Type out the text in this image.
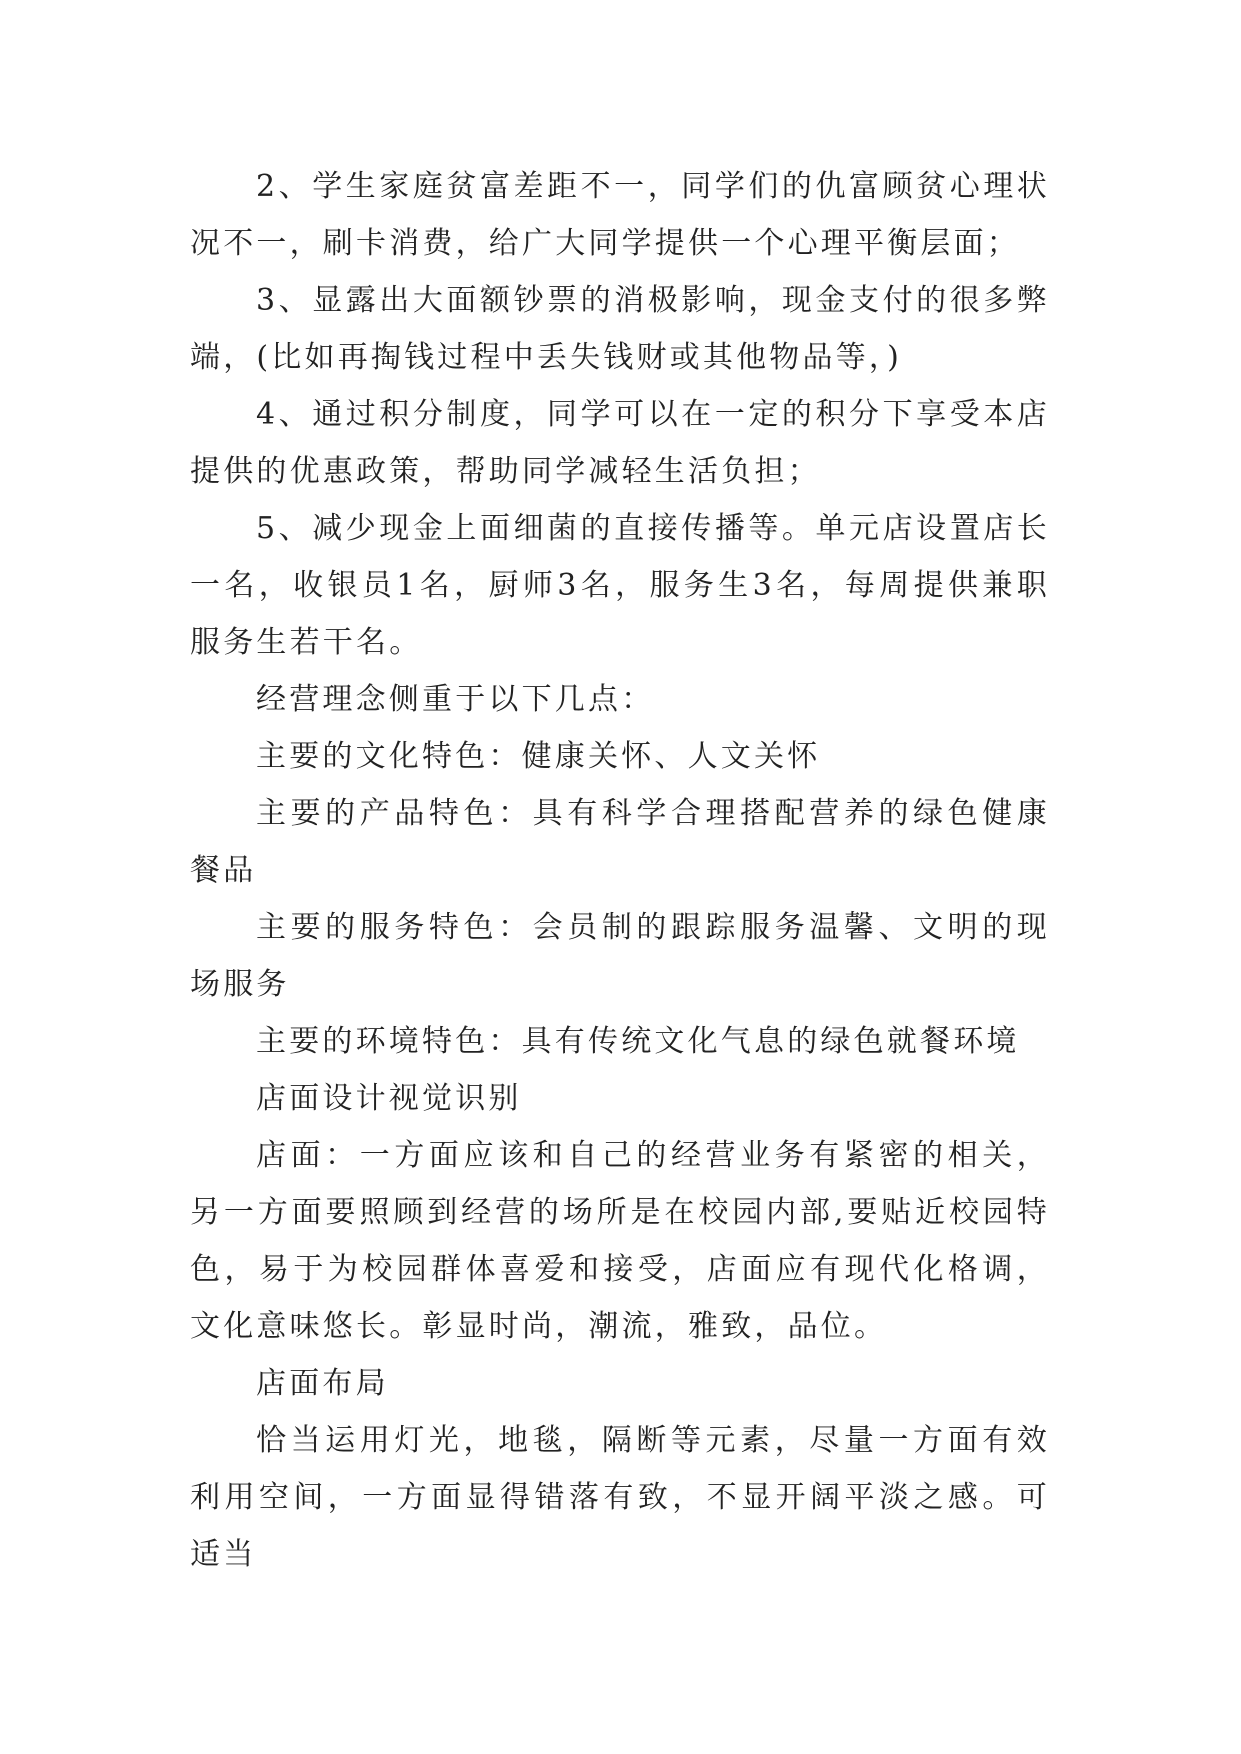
2、学生家庭贫富差距不一，同学们的仇富顾贫心理状况不一，刷卡消费，给广大同学提供一个心理平衡层面；

3、显露出大面额钞票的消极影响，现金支付的很多弊端，(比如再掏钱过程中丢失钱财或其他物品等，)

4、通过积分制度，同学可以在一定的积分下享受本店提供的优惠政策，帮助同学减轻生活负担；

5、减少现金上面细菌的直接传播等。单元店设置店长一名，收银员1名，厨师3名，服务生3名，每周提供兼职服务生若干名。

经营理念侧重于以下几点：

主要的文化特色：健康关怀、人文关怀

主要的产品特色：具有科学合理搭配营养的绿色健康餐品

主要的服务特色：会员制的跟踪服务温馨、文明的现场服务

主要的环境特色：具有传统文化气息的绿色就餐环境

店面设计视觉识别

店面：一方面应该和自己的经营业务有紧密的相关，另一方面要照顾到经营的场所是在校园内部,要贴近校园特色，易于为校园群体喜爱和接受，店面应有现代化格调，文化意味悠长。彰显时尚，潮流，雅致，品位。

店面布局

恰当运用灯光，地毯，隔断等元素，尽量一方面有效利用空间，一方面显得错落有致，不显开阔平淡之感。可适当
